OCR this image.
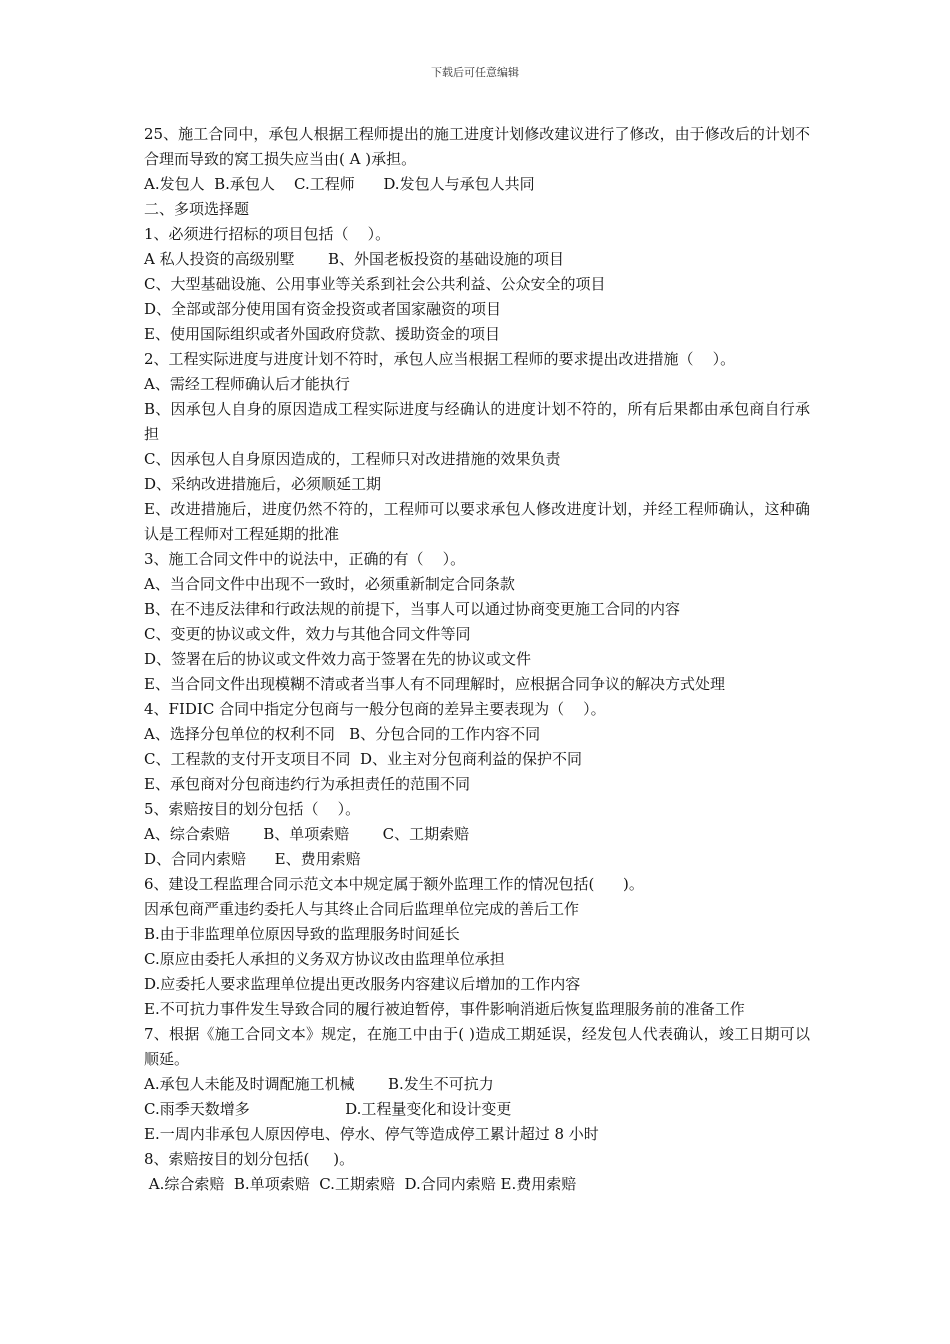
下载后可任意编辑
25、施工合同中，承包人根据工程师提出的施工进度计划修改建议进行了修改，由于修改后的计划不合理而导致的窝工损失应当由( A )承担。
A.发包人  B.承包人    C.工程师      D.发包人与承包人共同
二、多项选择题
1、必须进行招标的项目包括（    ）。
A 私人投资的高级别墅       B、外国老板投资的基础设施的项目
C、大型基础设施、公用事业等关系到社会公共利益、公众安全的项目
D、全部或部分使用国有资金投资或者国家融资的项目
E、使用国际组织或者外国政府贷款、援助资金的项目
2、工程实际进度与进度计划不符时，承包人应当根据工程师的要求提出改进措施（    ）。
A、需经工程师确认后才能执行
B、因承包人自身的原因造成工程实际进度与经确认的进度计划不符的，所有后果都由承包商自行承担
C、因承包人自身原因造成的，工程师只对改进措施的效果负责
D、采纳改进措施后，必须顺延工期
E、改进措施后，进度仍然不符的，工程师可以要求承包人修改进度计划，并经工程师确认，这种确认是工程师对工程延期的批准
3、施工合同文件中的说法中，正确的有（    ）。
A、当合同文件中出现不一致时，必须重新制定合同条款
B、在不违反法律和行政法规的前提下，当事人可以通过协商变更施工合同的内容
C、变更的协议或文件，效力与其他合同文件等同
D、签署在后的协议或文件效力高于签署在先的协议或文件
E、当合同文件出现模糊不清或者当事人有不同理解时，应根据合同争议的解决方式处理
4、FIDIC 合同中指定分包商与一般分包商的差异主要表现为（    ）。
A、选择分包单位的权利不同   B、分包合同的工作内容不同
C、工程款的支付开支项目不同  D、业主对分包商利益的保护不同
E、承包商对分包商违约行为承担责任的范围不同
5、索赔按目的划分包括（    ）。
A、综合索赔       B、单项索赔       C、工期索赔
D、合同内索赔      E、费用索赔
6、建设工程监理合同示范文本中规定属于额外监理工作的情况包括(      )。
因承包商严重违约委托人与其终止合同后监理单位完成的善后工作
B.由于非监理单位原因导致的监理服务时间延长
C.原应由委托人承担的义务双方协议改由监理单位承担
D.应委托人要求监理单位提出更改服务内容建议后增加的工作内容
E.不可抗力事件发生导致合同的履行被迫暂停，事件影响消逝后恢复监理服务前的准备工作
7、根据《施工合同文本》规定，在施工中由于( )造成工期延误，经发包人代表确认，竣工日期可以顺延。
A.承包人未能及时调配施工机械       B.发生不可抗力
C.雨季天数增多                    D.工程量变化和设计变更
E.一周内非承包人原因停电、停水、停气等造成停工累计超过 8 小时
8、索赔按目的划分包括(     )。
A.综合索赔  B.单项索赔  C.工期索赔  D.合同内索赔 E.费用索赔
